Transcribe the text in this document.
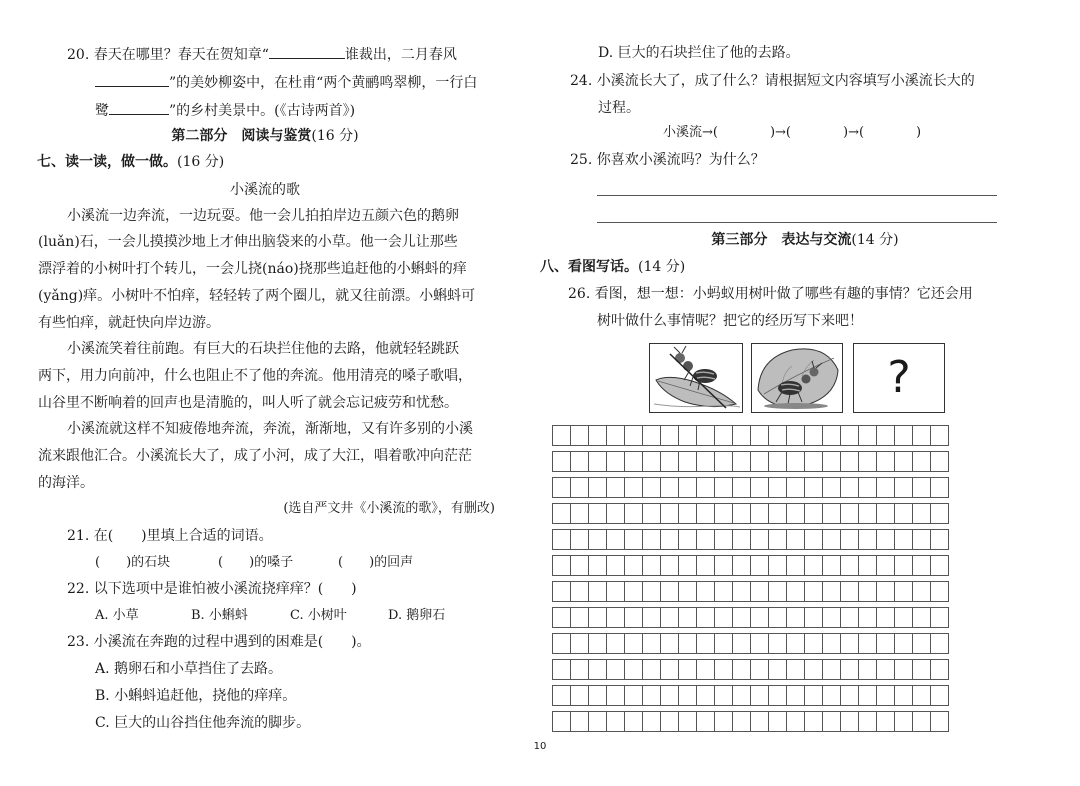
20. 春天在哪里？春天在贺知章“	谁裁出，二月春风
”的美妙柳姿中，在杜甫“两个黄鹂鸣翠柳，一行白
鹭	”的乡村美景中。(《古诗两首》)
第二部分　阅读与鉴赏(16 分)
七、读一读，做一做。(16 分)
小溪流的歌
小溪流一边奔流，一边玩耍。他一会儿拍拍岸边五颜六色的鹅卵
(luǎn)石，一会儿摸摸沙地上才伸出脑袋来的小草。他一会儿让那些
漂浮着的小树叶打个转儿，一会儿挠(náo)挠那些追赶他的小蝌蚪的痒
(yǎng)痒。小树叶不怕痒，轻轻转了两个圈儿，就又往前漂。小蝌蚪可
有些怕痒，就赶快向岸边游。
小溪流笑着往前跑。有巨大的石块拦住他的去路，他就轻轻跳跃
两下，用力向前冲，什么也阻止不了他的奔流。他用清亮的嗓子歌唱，
山谷里不断响着的回声也是清脆的，叫人听了就会忘记疲劳和忧愁。
小溪流就这样不知疲倦地奔流，奔流，渐渐地，又有许多别的小溪
流来跟他汇合。小溪流长大了，成了小河，成了大江，唱着歌冲向茫茫
的海洋。
(选自严文井《小溪流的歌》，有删改)
21. 在(　　)里填上合适的词语。
(　　)的石块	(　　)的嗓子	(　　)的回声
22. 以下选项中是谁怕被小溪流挠痒痒？(　　)
A. 小草	B. 小蝌蚪	C. 小树叶	D. 鹅卵石
23. 小溪流在奔跑的过程中遇到的困难是(　　)。
A. 鹅卵石和小草挡住了去路。
B. 小蝌蚪追赶他，挠他的痒痒。
C. 巨大的山谷挡住他奔流的脚步。
D. 巨大的石块拦住了他的去路。
24. 小溪流长大了，成了什么？请根据短文内容填写小溪流长大的
过程。
小溪流→(　　　　)→(　　　　)→(　　　　)
25. 你喜欢小溪流吗？为什么？
第三部分　表达与交流(14 分)
八、看图写话。(14 分)
26. 看图，想一想：小蚂蚁用树叶做了哪些有趣的事情？它还会用
树叶做什么事情呢？把它的经历写下来吧！
?

10
